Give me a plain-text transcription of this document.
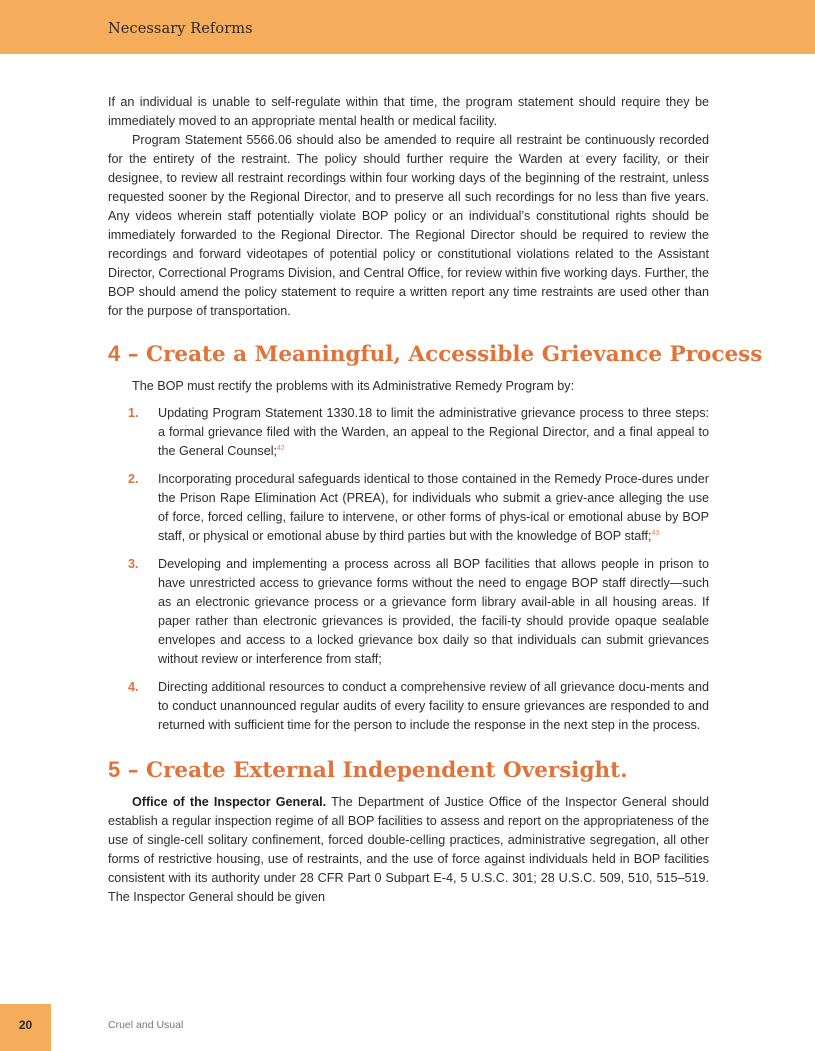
Necessary Reforms

If an individual is unable to self-regulate within that time, the program statement should require they be immediately moved to an appropriate mental health or medical facility.

Program Statement 5566.06 should also be amended to require all restraint be continuously recorded for the entirety of the restraint. The policy should further require the Warden at every facility, or their designee, to review all restraint recordings within four working days of the beginning of the restraint, unless requested sooner by the Regional Director, and to preserve all such recordings for no less than five years. Any videos wherein staff potentially violate BOP policy or an individual’s constitutional rights should be immediately forwarded to the Regional Director. The Regional Director should be required to review the recordings and forward videotapes of potential policy or constitutional violations related to the Assistant Director, Correctional Programs Division, and Central Office, for review within five working days. Further, the BOP should amend the policy statement to require a written report any time restraints are used other than for the purpose of transportation.

4 – Create a Meaningful, Accessible Grievance Process

The BOP must rectify the problems with its Administrative Remedy Program by:

1. Updating Program Statement 1330.18 to limit the administrative grievance process to three steps: a formal grievance filed with the Warden, an appeal to the Regional Director, and a final appeal to the General Counsel;$^{42}$

2. Incorporating procedural safeguards identical to those contained in the Remedy Proce-dures under the Prison Rape Elimination Act (PREA), for individuals who submit a griev-ance alleging the use of force, forced celling, failure to intervene, or other forms of phys-ical or emotional abuse by BOP staff, or physical or emotional abuse by third parties but with the knowledge of BOP staff;$^{43}$

3. Developing and implementing a process across all BOP facilities that allows people in prison to have unrestricted access to grievance forms without the need to engage BOP staff directly—such as an electronic grievance process or a grievance form library avail-able in all housing areas. If paper rather than electronic grievances is provided, the facili-ty should provide opaque sealable envelopes and access to a locked grievance box daily so that individuals can submit grievances without review or interference from staff;

4. Directing additional resources to conduct a comprehensive review of all grievance docu-ments and to conduct unannounced regular audits of every facility to ensure grievances are responded to and returned with sufficient time for the person to include the response in the next step in the process.

5 – Create External Independent Oversight.

Office of the Inspector General. The Department of Justice Office of the Inspector General should establish a regular inspection regime of all BOP facilities to assess and report on the appropriateness of the use of single-cell solitary confinement, forced double-celling practices, administrative segregation, all other forms of restrictive housing, use of restraints, and the use of force against individuals held in BOP facilities consistent with its authority under 28 CFR Part 0 Subpart E-4, 5 U.S.C. 301; 28 U.S.C. 509, 510, 515–519. The Inspector General should be given

20	Cruel and Usual
